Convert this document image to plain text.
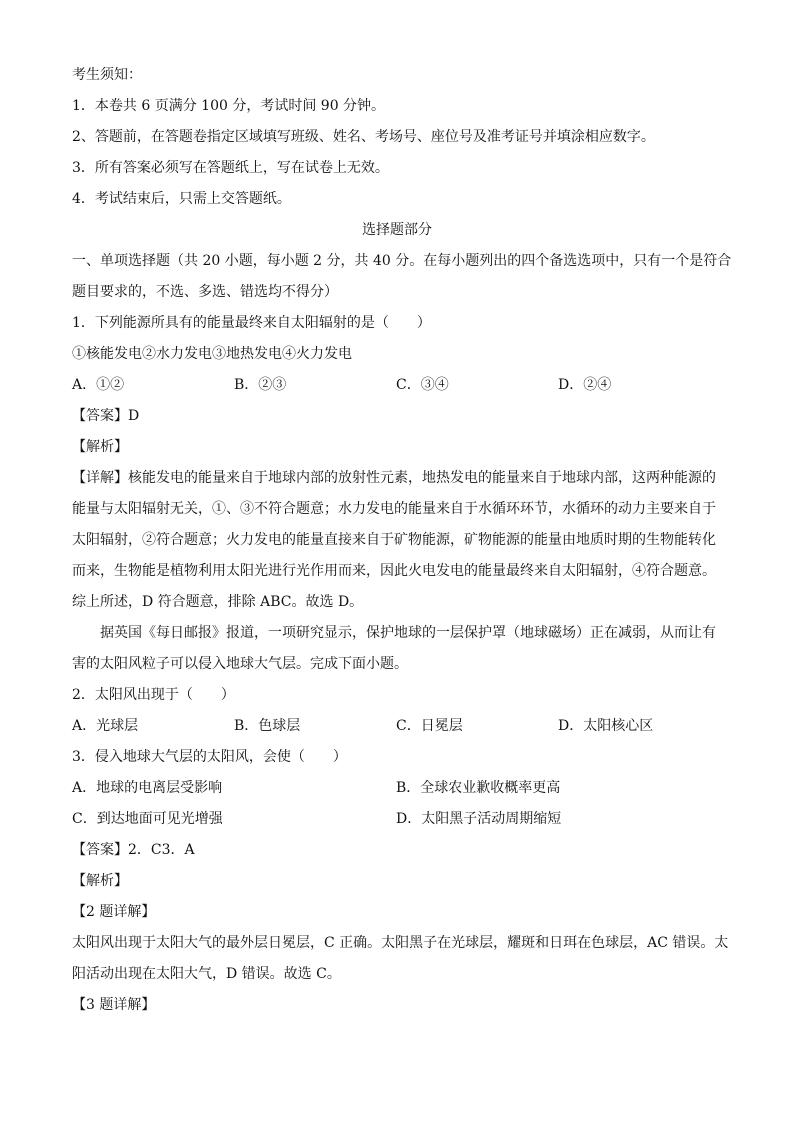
考生须知：
1．本卷共 6 页满分 100 分，考试时间 90 分钟。
2、答题前，在答题卷指定区域填写班级、姓名、考场号、座位号及准考证号并填涂相应数字。
3．所有答案必须写在答题纸上，写在试卷上无效。
4．考试结束后，只需上交答题纸。
选择题部分
一、单项选择题（共 20 小题，每小题 2 分，共 40 分。在每小题列出的四个备选选项中，只有一个是符合
题目要求的，不选、多选、错选均不得分）
1．下列能源所具有的能量最终来自太阳辐射的是（　　）
①核能发电②水力发电③地热发电④火力发电
A．①②	B．②③	C．③④	D．②④
【答案】D
【解析】
【详解】核能发电的能量来自于地球内部的放射性元素，地热发电的能量来自于地球内部，这两种能源的
能量与太阳辐射无关，①、③不符合题意；水力发电的能量来自于水循环环节，水循环的动力主要来自于
太阳辐射，②符合题意；火力发电的能量直接来自于矿物能源，矿物能源的能量由地质时期的生物能转化
而来，生物能是植物利用太阳光进行光作用而来，因此火电发电的能量最终来自太阳辐射，④符合题意。
综上所述，D 符合题意，排除 ABC。故选 D。
据英国《每日邮报》报道，一项研究显示，保护地球的一层保护罩（地球磁场）正在减弱，从而让有
害的太阳风粒子可以侵入地球大气层。完成下面小题。
2．太阳风出现于（　　）
A．光球层	B．色球层	C．日冕层	D．太阳核心区
3．侵入地球大气层的太阳风，会使（　　）
A．地球的电离层受影响	B．全球农业歉收概率更高
C．到达地面可见光增强	D．太阳黑子活动周期缩短
【答案】2．C3．A
【解析】
【2 题详解】
太阳风出现于太阳大气的最外层日冕层，C 正确。太阳黑子在光球层，耀斑和日珥在色球层，AC 错误。太
阳活动出现在太阳大气，D 错误。故选 C。
【3 题详解】
